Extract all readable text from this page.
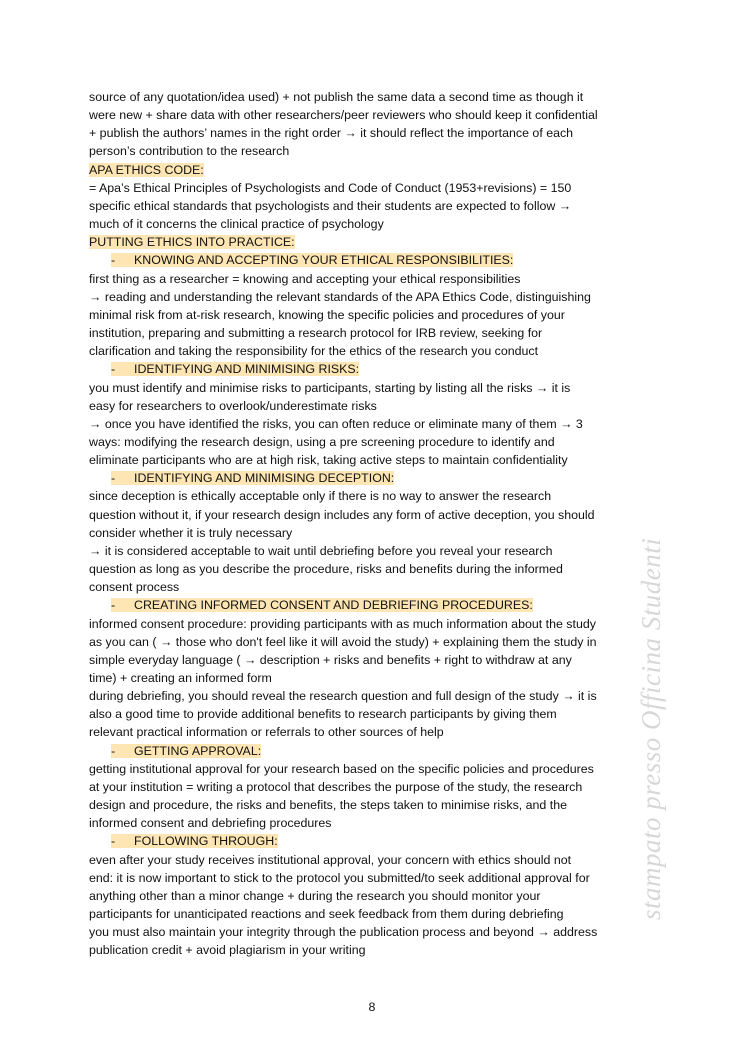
source of any quotation/idea used) + not publish the same data a second time as though it

were new + share data with other researchers/peer reviewers who should keep it confidential

+ publish the authors’ names in the right order → it should reflect the importance of each

person’s contribution to the research

APA ETHICS CODE:

= Apa’s Ethical Principles of Psychologists and Code of Conduct (1953+revisions) = 150

specific ethical standards that psychologists and their students are expected to follow →

much of it concerns the clinical practice of psychology

PUTTING ETHICS INTO PRACTICE:

- KNOWING AND ACCEPTING YOUR ETHICAL RESPONSIBILITIES:

first thing as a researcher = knowing and accepting your ethical responsibilities

→ reading and understanding the relevant standards of the APA Ethics Code, distinguishing

minimal risk from at-risk research, knowing the specific policies and procedures of your

institution, preparing and submitting a research protocol for IRB review, seeking for

clarification and taking the responsibility for the ethics of the research you conduct

- IDENTIFYING AND MINIMISING RISKS:

you must identify and minimise risks to participants, starting by listing all the risks → it is

easy for researchers to overlook/underestimate risks

→ once you have identified the risks, you can often reduce or eliminate many of them → 3

ways: modifying the research design, using a pre screening procedure to identify and

eliminate participants who are at high risk, taking active steps to maintain confidentiality

- IDENTIFYING AND MINIMISING DECEPTION:

since deception is ethically acceptable only if there is no way to answer the research

question without it, if your research design includes any form of active deception, you should

consider whether it is truly necessary

→ it is considered acceptable to wait until debriefing before you reveal your research

question as long as you describe the procedure, risks and benefits during the informed

consent process

- CREATING INFORMED CONSENT AND DEBRIEFING PROCEDURES:

informed consent procedure: providing participants with as much information about the study

as you can ( → those who don't feel like it will avoid the study) + explaining them the study in

simple everyday language ( → description + risks and benefits + right to withdraw at any

time) + creating an informed form

during debriefing, you should reveal the research question and full design of the study → it is

also a good time to provide additional benefits to research participants by giving them

relevant practical information or referrals to other sources of help

- GETTING APPROVAL:

getting institutional approval for your research based on the specific policies and procedures

at your institution = writing a protocol that describes the purpose of the study, the research

design and procedure, the risks and benefits, the steps taken to minimise risks, and the

informed consent and debriefing procedures

- FOLLOWING THROUGH:

even after your study receives institutional approval, your concern with ethics should not

end: it is now important to stick to the protocol you submitted/to seek additional approval for

anything other than a minor change + during the research you should monitor your

participants for unanticipated reactions and seek feedback from them during debriefing

you must also maintain your integrity through the publication process and beyond → address

publication credit + avoid plagiarism in your writing

stampato presso Officina Studenti
8
